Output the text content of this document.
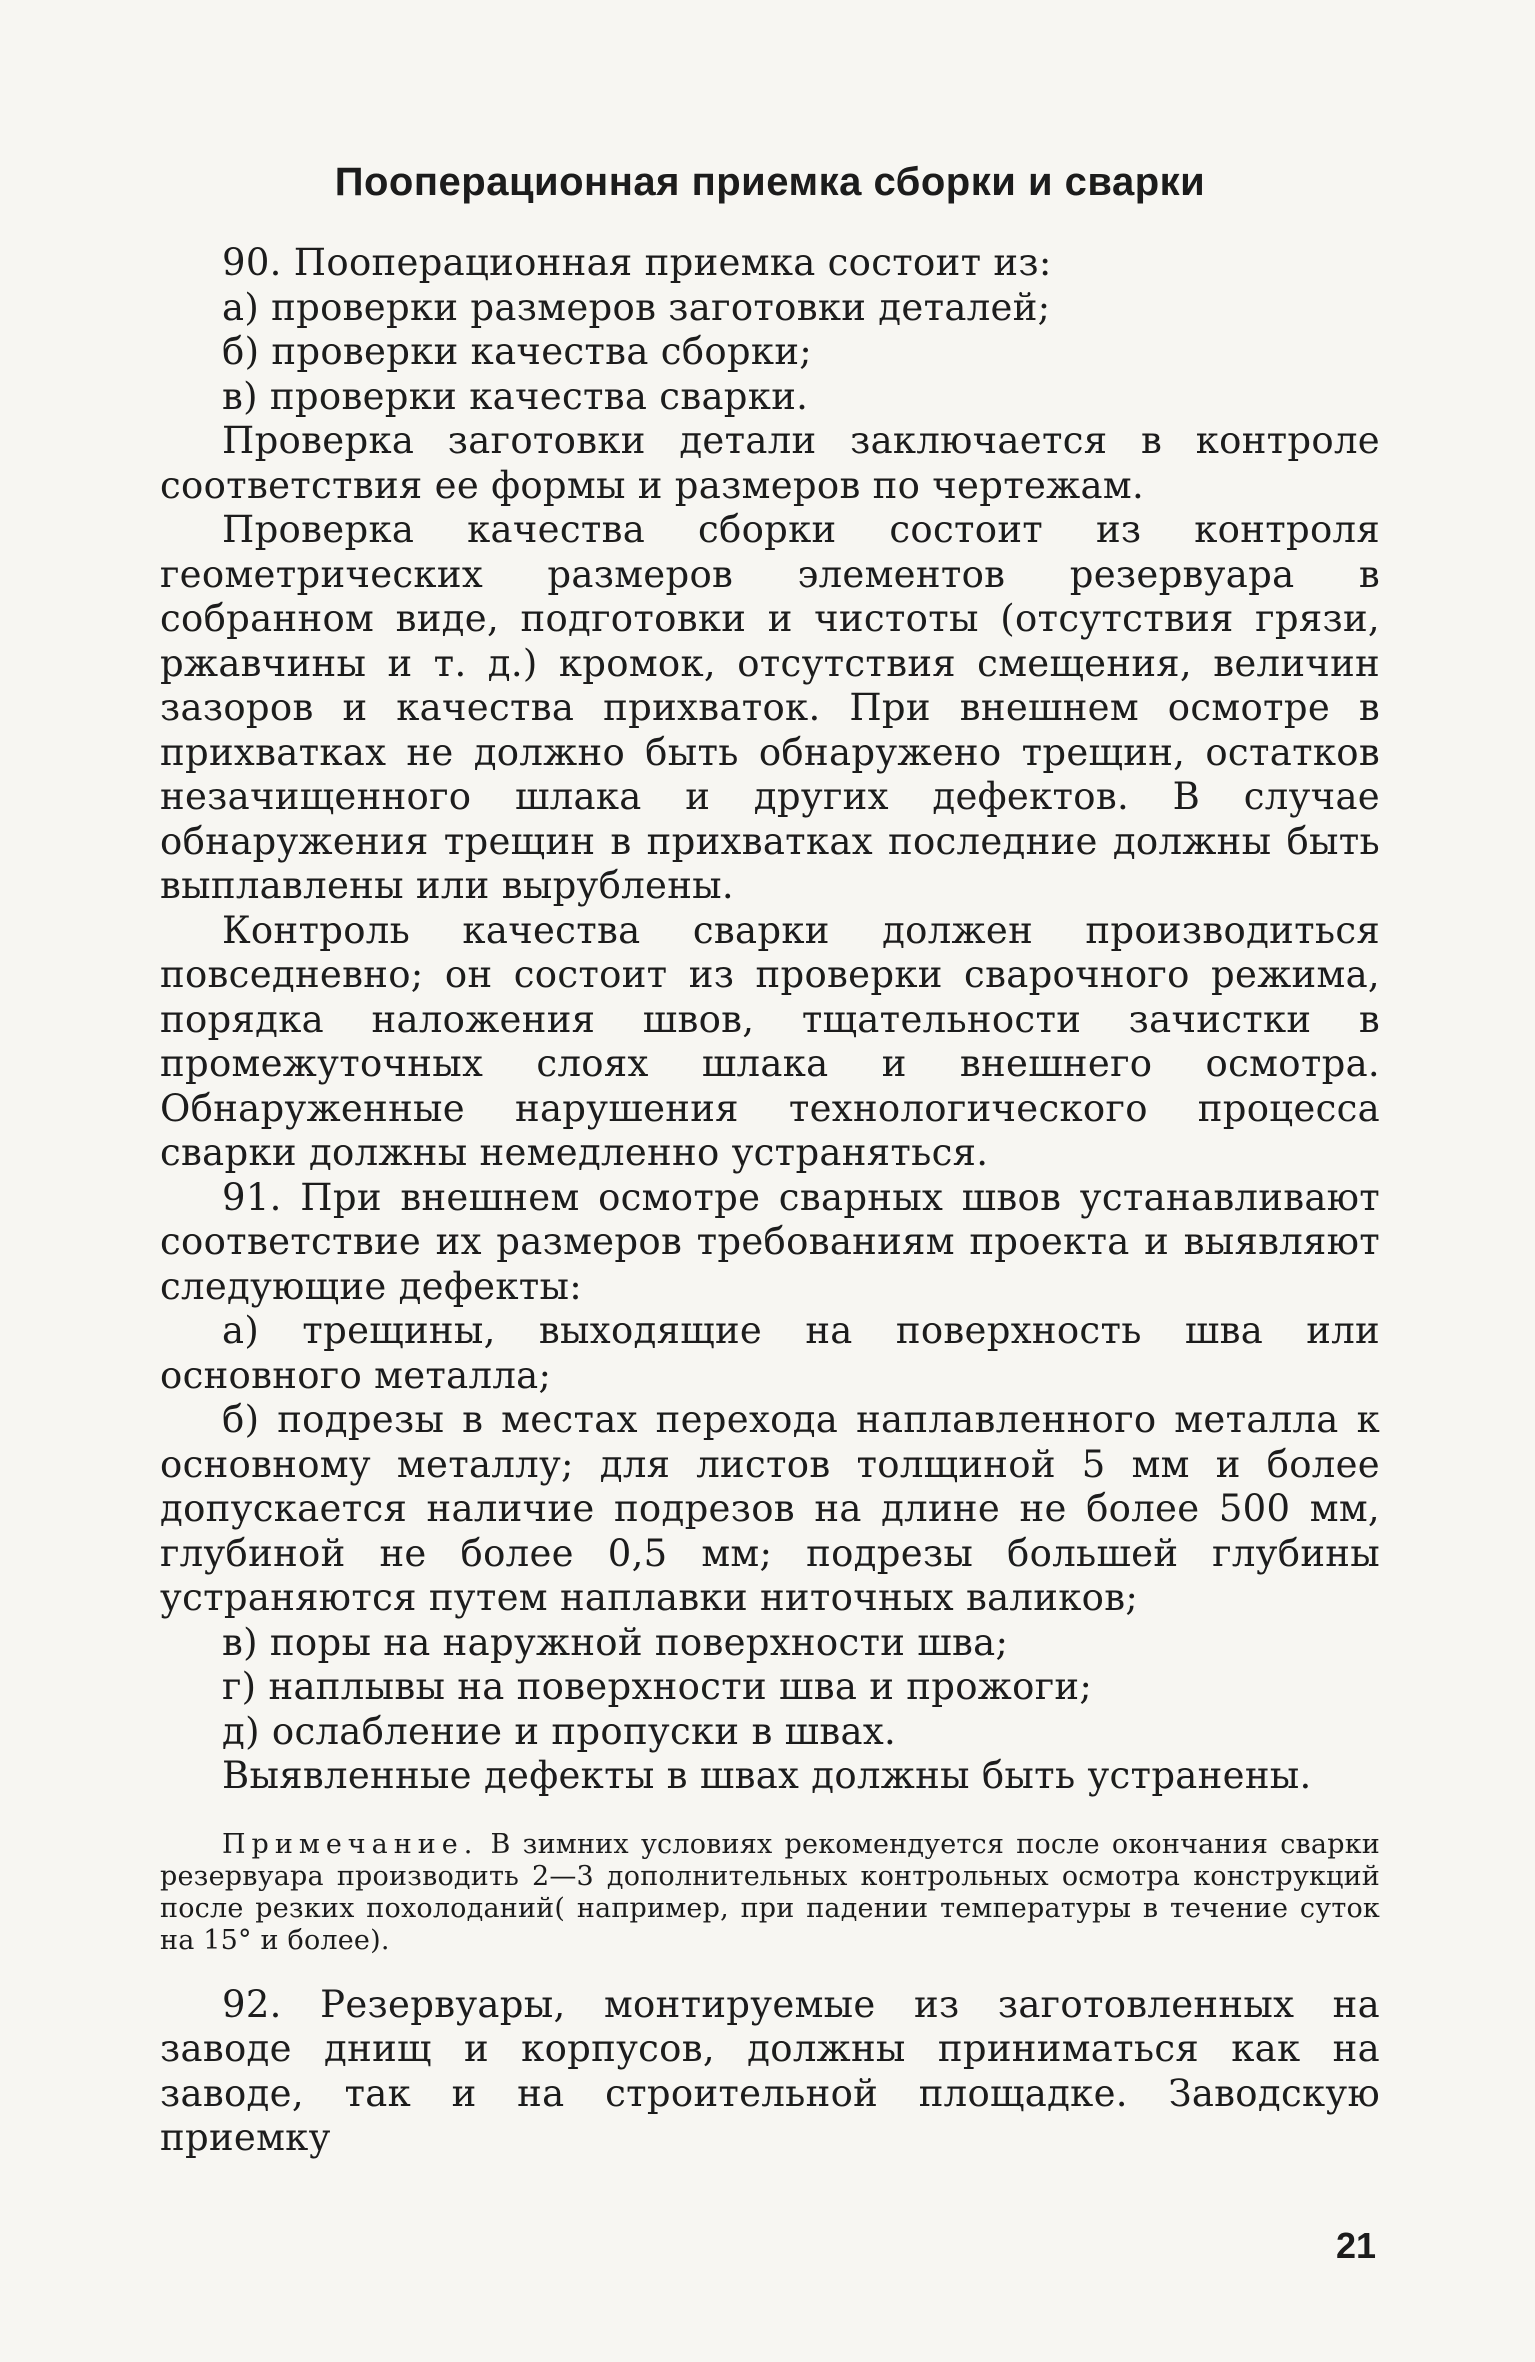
Пооперационная приемка сборки и сварки

90. Пооперационная приемка состоит из:

а) проверки размеров заготовки деталей;
б) проверки качества сборки;
в) проверки качества сварки.

Проверка заготовки детали заключается в контроле соответствия ее формы и размеров по чертежам.

Проверка качества сборки состоит из контроля геометрических размеров элементов резервуара в собранном виде, подготовки и чистоты (отсутствия грязи, ржавчины и т. д.) кромок, отсутствия смещения, величин зазоров и качества прихваток. При внешнем осмотре в прихватках не должно быть обнаружено трещин, остатков незачищенного шлака и других дефектов. В случае обнаружения трещин в прихватках последние должны быть выплавлены или вырублены.

Контроль качества сварки должен производиться повседневно; он состоит из проверки сварочного режима, порядка наложения швов, тщательности зачистки в промежуточных слоях шлака и внешнего осмотра. Обнаруженные нарушения технологического процесса сварки должны немедленно устраняться.

91. При внешнем осмотре сварных швов устанавливают соответствие их размеров требованиям проекта и выявляют следующие дефекты:

а) трещины, выходящие на поверхность шва или основного металла;
б) подрезы в местах перехода наплавленного металла к основному металлу; для листов толщиной 5 мм и более допускается наличие подрезов на длине не более 500 мм, глубиной не более 0,5 мм; подрезы большей глубины устраняются путем наплавки ниточных валиков;
в) поры на наружной поверхности шва;
г) наплывы на поверхности шва и прожоги;
д) ослабление и пропуски в швах.

Выявленные дефекты в швах должны быть устранены.

Примечание. В зимних условиях рекомендуется после окончания сварки резервуара производить 2—3 дополнительных контрольных осмотра конструкций после резких похолоданий( например, при падении температуры в течение суток на 15° и более).

92. Резервуары, монтируемые из заготовленных на заводе днищ и корпусов, должны приниматься как на заводе, так и на строительной площадке. Заводскую приемку

21
